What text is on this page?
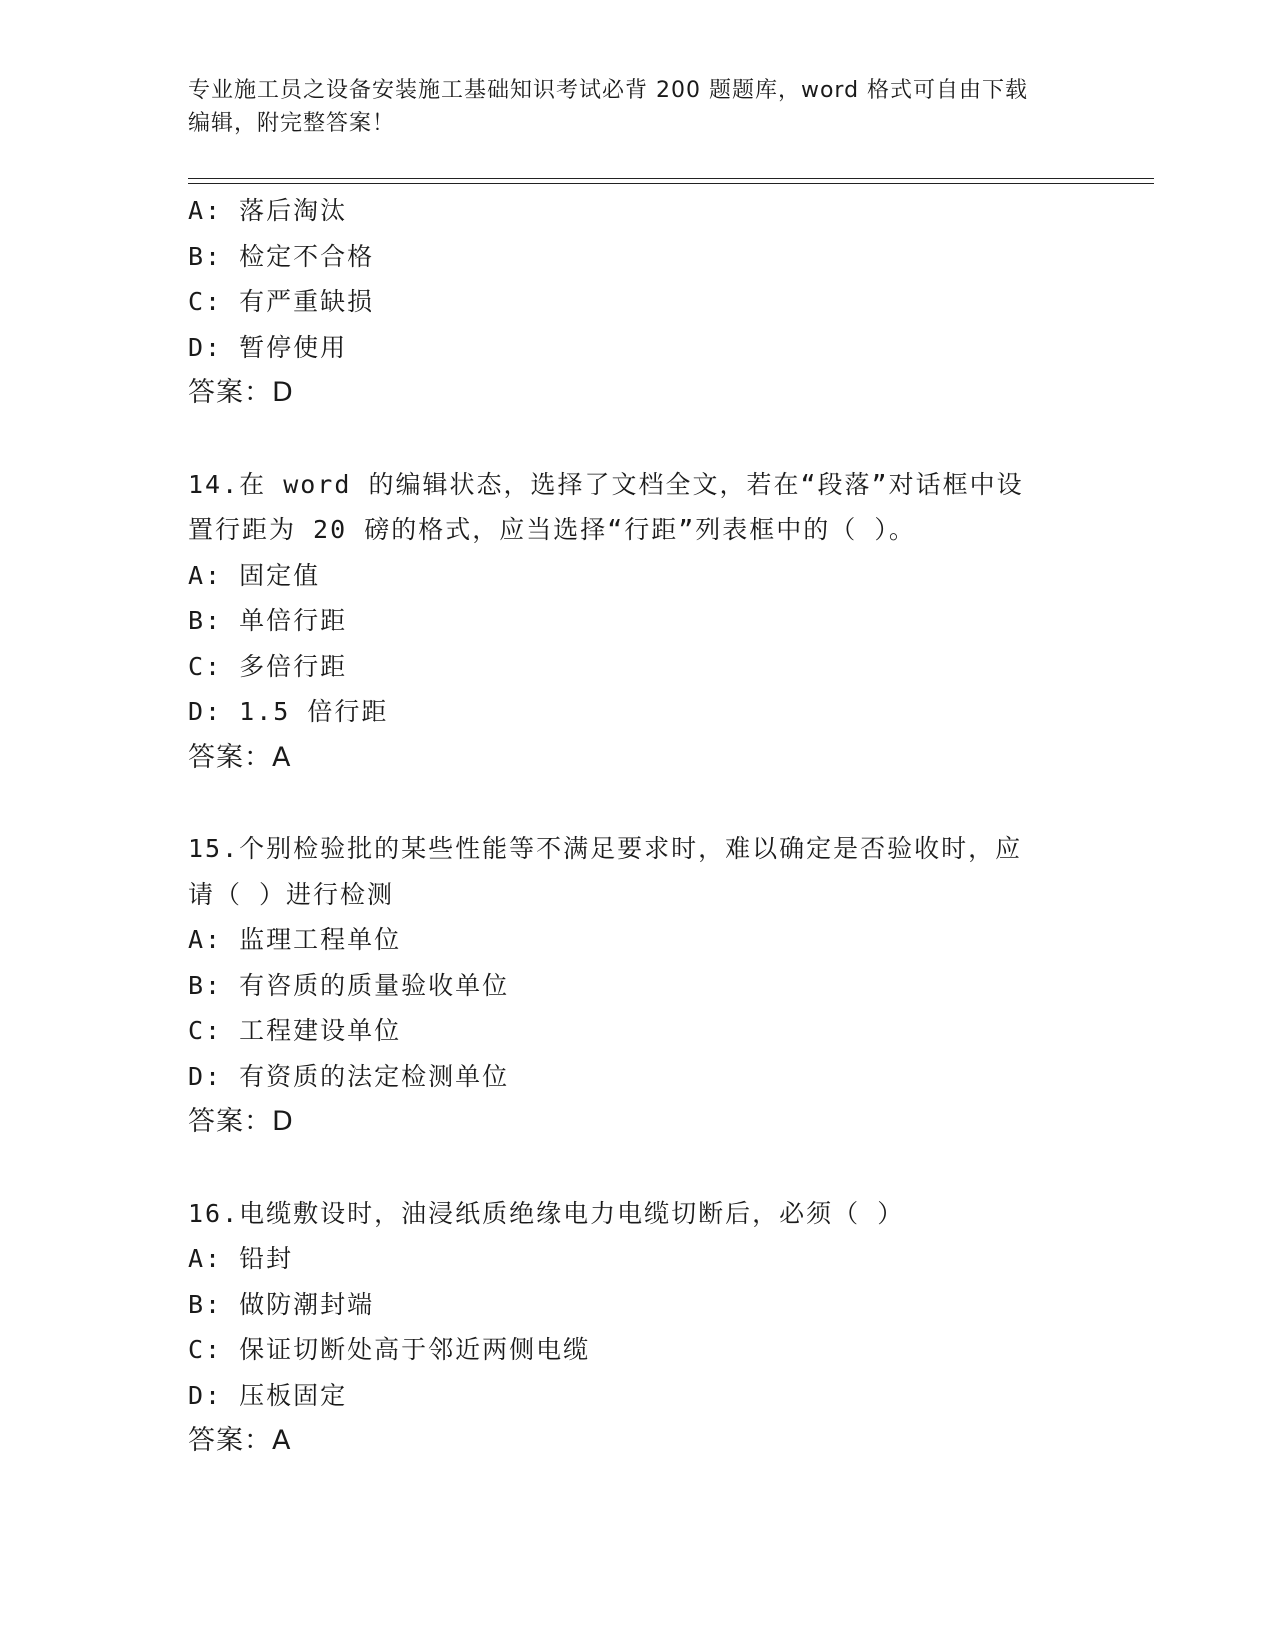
专业施工员之设备安装施工基础知识考试必背 200 题题库，word 格式可自由下载
编辑，附完整答案！
A: 落后淘汰
B: 检定不合格
C: 有严重缺损
D: 暂停使用
答案：D
14.在 word 的编辑状态，选择了文档全文，若在“段落”对话框中设
置行距为 20 磅的格式，应当选择“行距”列表框中的（ ）。
A: 固定值
B: 单倍行距
C: 多倍行距
D: 1.5 倍行距
答案：A
15.个别检验批的某些性能等不满足要求时，难以确定是否验收时，应
请（ ）进行检测
A: 监理工程单位
B: 有咨质的质量验收单位
C: 工程建设单位
D: 有资质的法定检测单位
答案：D
16.电缆敷设时，油浸纸质绝缘电力电缆切断后，必须（ ）
A: 铅封
B: 做防潮封端
C: 保证切断处高于邻近两侧电缆
D: 压板固定
答案：A
